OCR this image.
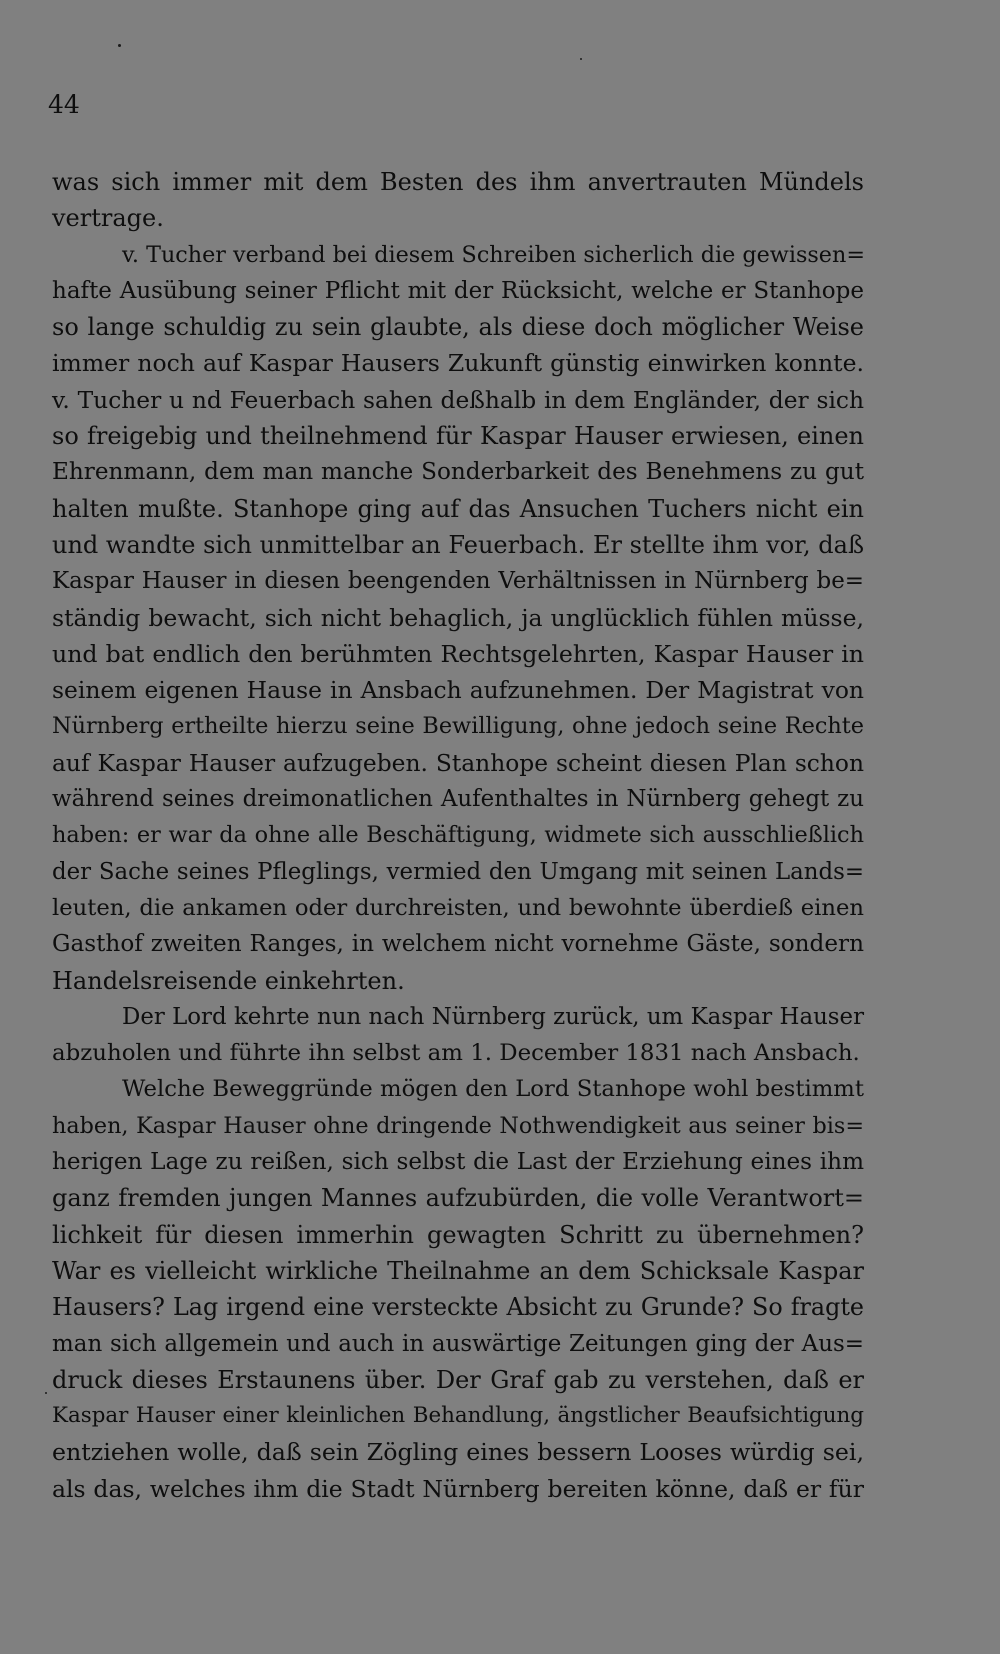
44
was sich immer mit dem Besten des ihm anvertrauten Mündels
vertrage.
v. Tucher verband bei diesem Schreiben sicherlich die gewissen=
hafte Ausübung seiner Pflicht mit der Rücksicht, welche er Stanhope
so lange schuldig zu sein glaubte, als diese doch möglicher Weise
immer noch auf Kaspar Hausers Zukunft günstig einwirken konnte.
v. Tucher u nd Feuerbach sahen deßhalb in dem Engländer, der sich
so freigebig und theilnehmend für Kaspar Hauser erwiesen, einen
Ehrenmann, dem man manche Sonderbarkeit des Benehmens zu gut
halten mußte. Stanhope ging auf das Ansuchen Tuchers nicht ein
und wandte sich unmittelbar an Feuerbach. Er stellte ihm vor, daß
Kaspar Hauser in diesen beengenden Verhältnissen in Nürnberg be=
ständig bewacht, sich nicht behaglich, ja unglücklich fühlen müsse,
und bat endlich den berühmten Rechtsgelehrten, Kaspar Hauser in
seinem eigenen Hause in Ansbach aufzunehmen. Der Magistrat von
Nürnberg ertheilte hierzu seine Bewilligung, ohne jedoch seine Rechte
auf Kaspar Hauser aufzugeben. Stanhope scheint diesen Plan schon
während seines dreimonatlichen Aufenthaltes in Nürnberg gehegt zu
haben: er war da ohne alle Beschäftigung, widmete sich ausschließlich
der Sache seines Pfleglings, vermied den Umgang mit seinen Lands=
leuten, die ankamen oder durchreisten, und bewohnte überdieß einen
Gasthof zweiten Ranges, in welchem nicht vornehme Gäste, sondern
Handelsreisende einkehrten.
Der Lord kehrte nun nach Nürnberg zurück, um Kaspar Hauser
abzuholen und führte ihn selbst am 1. December 1831 nach Ansbach.
Welche Beweggründe mögen den Lord Stanhope wohl bestimmt
haben, Kaspar Hauser ohne dringende Nothwendigkeit aus seiner bis=
herigen Lage zu reißen, sich selbst die Last der Erziehung eines ihm
ganz fremden jungen Mannes aufzubürden, die volle Verantwort=
lichkeit für diesen immerhin gewagten Schritt zu übernehmen?
War es vielleicht wirkliche Theilnahme an dem Schicksale Kaspar
Hausers? Lag irgend eine versteckte Absicht zu Grunde? So fragte
man sich allgemein und auch in auswärtige Zeitungen ging der Aus=
druck dieses Erstaunens über. Der Graf gab zu verstehen, daß er
Kaspar Hauser einer kleinlichen Behandlung, ängstlicher Beaufsichtigung
entziehen wolle, daß sein Zögling eines bessern Looses würdig sei,
als das, welches ihm die Stadt Nürnberg bereiten könne, daß er für
